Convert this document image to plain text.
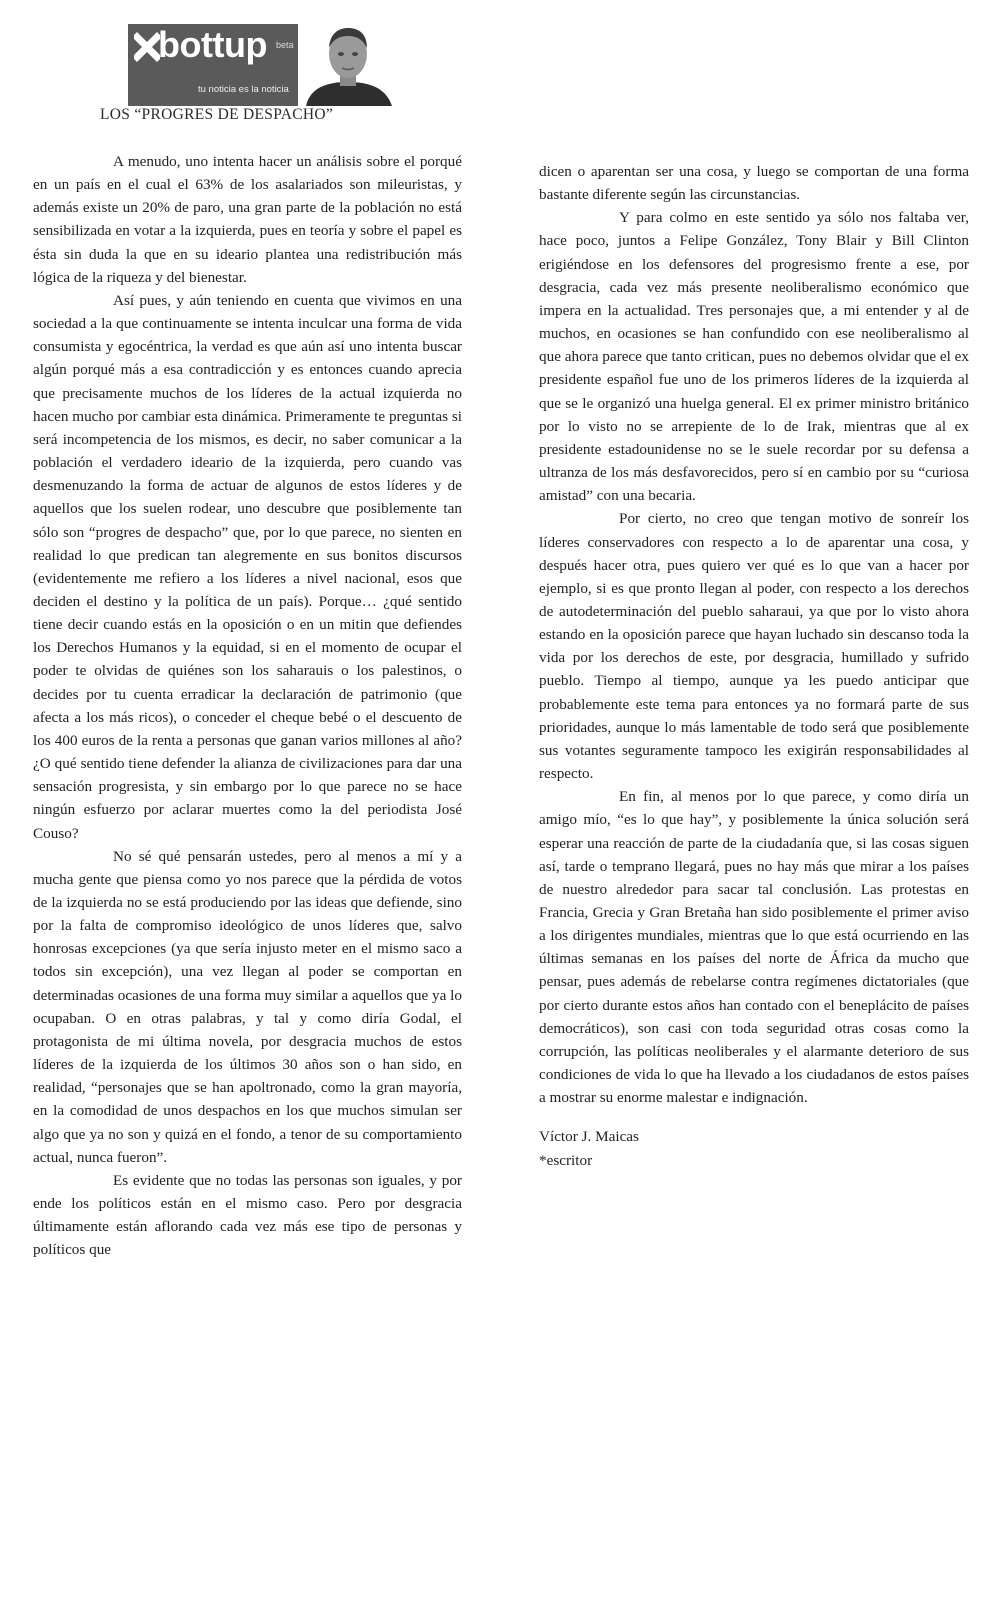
bottup beta
tu noticia es la noticia
LOS “PROGRES DE DESPACHO”

A menudo, uno intenta hacer un análisis sobre el porqué en un país en el cual el 63% de los asalariados son mileuristas, y además existe un 20% de paro, una gran parte de la población no está sensibilizada en votar a la izquierda, pues en teoría y sobre el papel es ésta sin duda la que en su ideario plantea una redistribución más lógica de la riqueza y del bienestar.

Así pues, y aún teniendo en cuenta que vivimos en una sociedad a la que continuamente se intenta inculcar una forma de vida consumista y egocéntrica, la verdad es que aún así uno intenta buscar algún porqué más a esa contradicción y es entonces cuando aprecia que precisamente muchos de los líderes de la actual izquierda no hacen mucho por cambiar esta dinámica. Primeramente te preguntas si será incompetencia de los mismos, es decir, no saber comunicar a la población el verdadero ideario de la izquierda, pero cuando vas desmenuzando la forma de actuar de algunos de estos líderes y de aquellos que los suelen rodear, uno descubre que posiblemente tan sólo son “progres de despacho” que, por lo que parece, no sienten en realidad lo que predican tan alegremente en sus bonitos discursos (evidentemente me refiero a los líderes a nivel nacional, esos que deciden el destino y la política de un país). Porque… ¿qué sentido tiene decir cuando estás en la oposición o en un mitin que defiendes los Derechos Humanos y la equidad, si en el momento de ocupar el poder te olvidas de quiénes son los saharauis o los palestinos, o decides por tu cuenta erradicar la declaración de patrimonio (que afecta a los más ricos), o conceder el cheque bebé o el descuento de los 400 euros de la renta a personas que ganan varios millones al año? ¿O qué sentido tiene defender la alianza de civilizaciones para dar una sensación progresista, y sin embargo por lo que parece no se hace ningún esfuerzo por aclarar muertes como la del periodista José Couso?

No sé qué pensarán ustedes, pero al menos a mí y a mucha gente que piensa como yo nos parece que la pérdida de votos de la izquierda no se está produciendo por las ideas que defiende, sino por la falta de compromiso ideológico de unos líderes que, salvo honrosas excepciones (ya que sería injusto meter en el mismo saco a todos sin excepción), una vez llegan al poder se comportan en determinadas ocasiones de una forma muy similar a aquellos que ya lo ocupaban. O en otras palabras, y tal y como diría Godal, el protagonista de mi última novela, por desgracia muchos de estos líderes de la izquierda de los últimos 30 años son o han sido, en realidad, “personajes que se han apoltronado, como la gran mayoría, en la comodidad de unos despachos en los que muchos simulan ser algo que ya no son y quizá en el fondo, a tenor de su comportamiento actual, nunca fueron”.

Es evidente que no todas las personas son iguales, y por ende los políticos están en el mismo caso. Pero por desgracia últimamente están aflorando cada vez más ese tipo de personas y políticos que

dicen o aparentan ser una cosa, y luego se comportan de una forma bastante diferente según las circunstancias.

Y para colmo en este sentido ya sólo nos faltaba ver, hace poco, juntos a Felipe González, Tony Blair y Bill Clinton erigiéndose en los defensores del progresismo frente a ese, por desgracia, cada vez más presente neoliberalismo económico que impera en la actualidad. Tres personajes que, a mi entender y al de muchos, en ocasiones se han confundido con ese neoliberalismo al que ahora parece que tanto critican, pues no debemos olvidar que el ex presidente español fue uno de los primeros líderes de la izquierda al que se le organizó una huelga general. El ex primer ministro británico por lo visto no se arrepiente de lo de Irak, mientras que al ex presidente estadounidense no se le suele recordar por su defensa a ultranza de los más desfavorecidos, pero sí en cambio por su “curiosa amistad” con una becaria.

Por cierto, no creo que tengan motivo de sonreír los líderes conservadores con respecto a lo de aparentar una cosa, y después hacer otra, pues quiero ver qué es lo que van a hacer por ejemplo, si es que pronto llegan al poder, con respecto a los derechos de autodeterminación del pueblo saharaui, ya que por lo visto ahora estando en la oposición parece que hayan luchado sin descanso toda la vida por los derechos de este, por desgracia, humillado y sufrido pueblo. Tiempo al tiempo, aunque ya les puedo anticipar que probablemente este tema para entonces ya no formará parte de sus prioridades, aunque lo más lamentable de todo será que posiblemente sus votantes seguramente tampoco les exigirán responsabilidades al respecto.

En fin, al menos por lo que parece, y como diría un amigo mío, “es lo que hay”, y posiblemente la única solución será esperar una reacción de parte de la ciudadanía que, si las cosas siguen así, tarde o temprano llegará, pues no hay más que mirar a los países de nuestro alrededor para sacar tal conclusión. Las protestas en Francia, Grecia y Gran Bretaña han sido posiblemente el primer aviso a los dirigentes mundiales, mientras que lo que está ocurriendo en las últimas semanas en los países del norte de África da mucho que pensar, pues además de rebelarse contra regímenes dictatoriales (que por cierto durante estos años han contado con el beneplácito de países democráticos), son casi con toda seguridad otras cosas como la corrupción, las políticas neoliberales y el alarmante deterioro de sus condiciones de vida lo que ha llevado a los ciudadanos de estos países a mostrar su enorme malestar e indignación.

Víctor J. Maicas

*escritor
